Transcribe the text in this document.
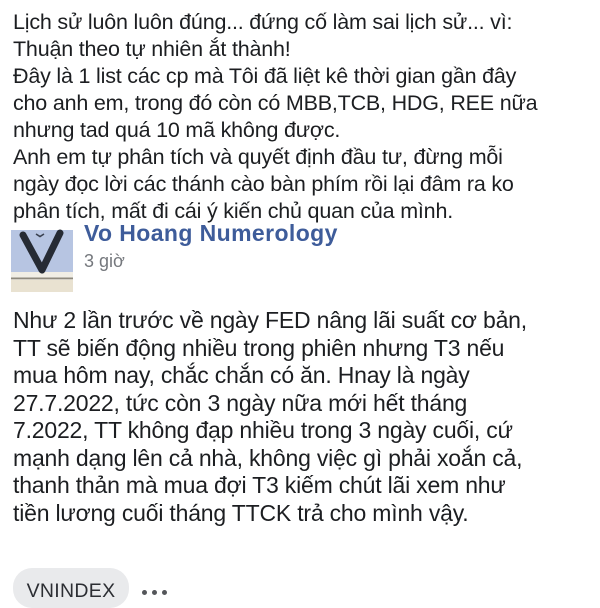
Lịch sử luôn luôn đúng... đứng cố làm sai lịch sử... vì:
Thuận theo tự nhiên ắt thành!
Đây là 1 list các cp mà Tôi đã liệt kê thời gian gần đây
cho anh em, trong đó còn có MBB,TCB, HDG, REE nữa
nhưng tad quá 10 mã không được.
Anh em tự phân tích và quyết định đầu tư, đừng mỗi
ngày đọc lời các thánh cào bàn phím rồi lại đâm ra ko
phân tích, mất đi cái ý kiến chủ quan của mình.
Vo Hoang Numerology
3 giờ
Như 2 lần trước về ngày FED nâng lãi suất cơ bản,
TT sẽ biến động nhiều trong phiên nhưng T3 nếu
mua hôm nay, chắc chắn có ăn. Hnay là ngày
27.7.2022, tức còn 3 ngày nữa mới hết tháng
7.2022, TT không đạp nhiều trong 3 ngày cuối, cứ
mạnh dạng lên cả nhà, không việc gì phải xoắn cả,
thanh thản mà mua đợi T3 kiếm chút lãi xem như
tiền lương cuối tháng TTCK trả cho mình vậy.
VNINDEX
